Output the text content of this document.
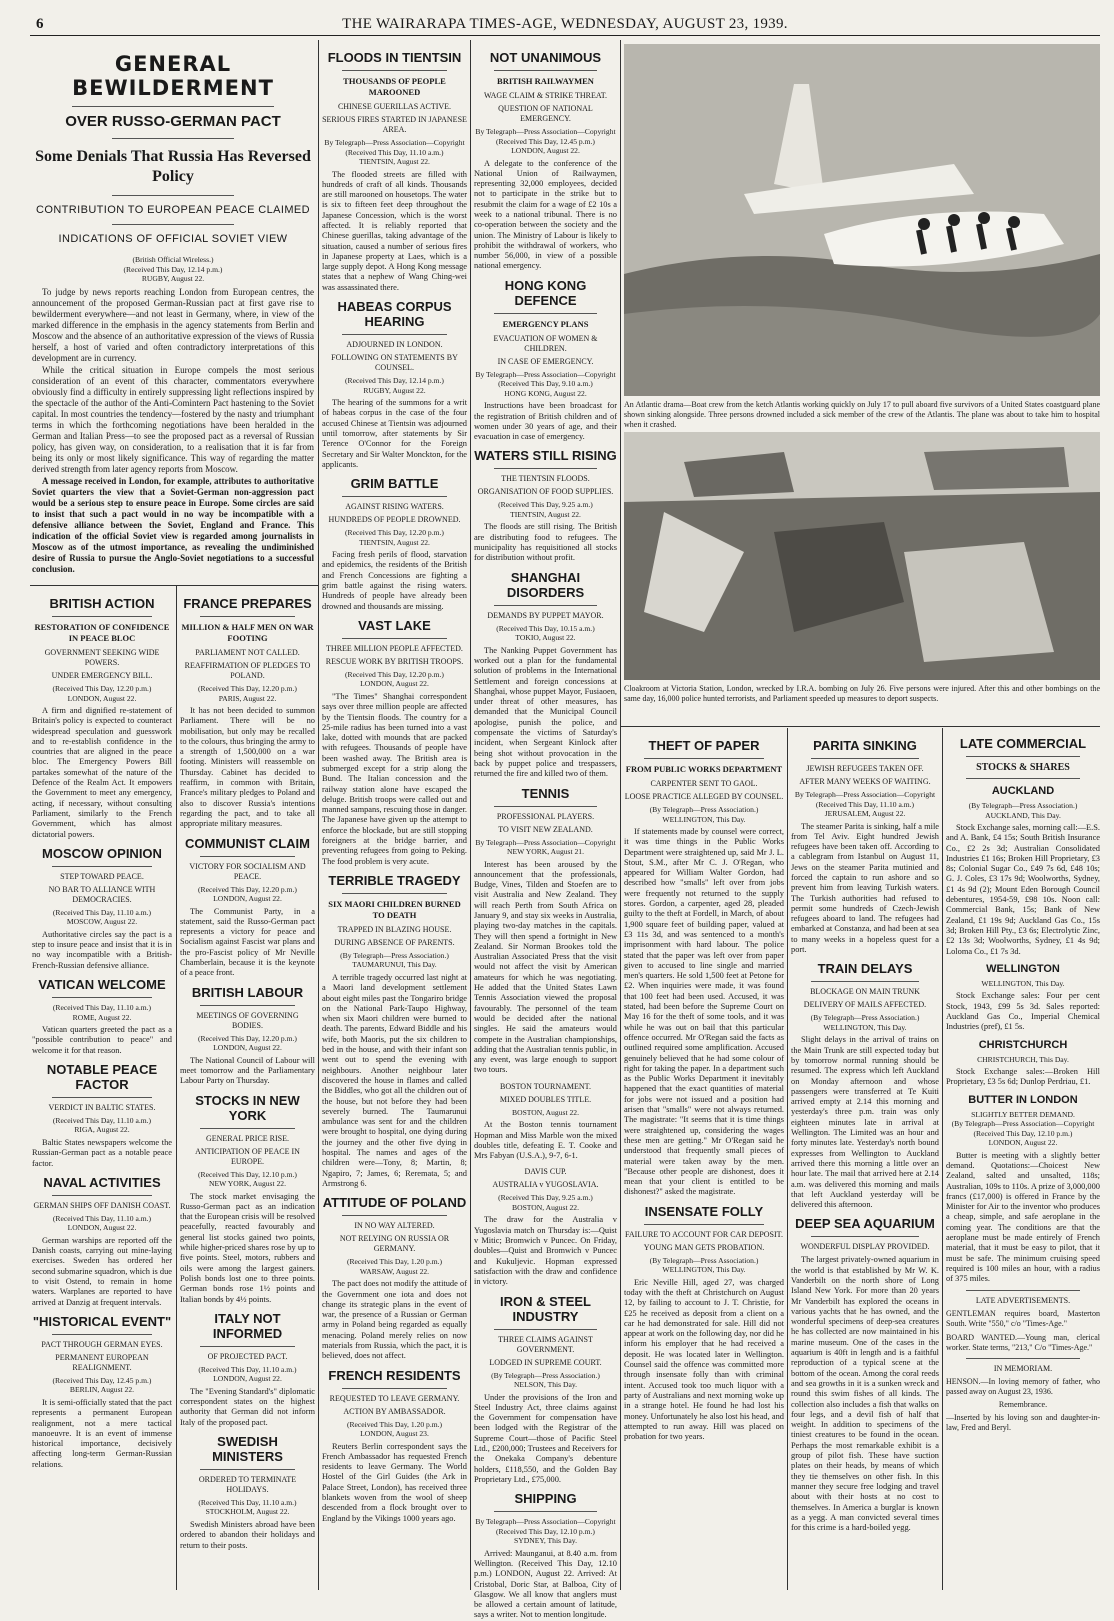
6	THE WAIRARAPA TIMES-AGE, WEDNESDAY, AUGUST 23, 1939.
GENERAL BEWILDERMENT
OVER RUSSO-GERMAN PACT
Some Denials That Russia Has Reversed Policy
CONTRIBUTION TO EUROPEAN PEACE CLAIMED
INDICATIONS OF OFFICIAL SOVIET VIEW
(British Official Wireless.)
(Received This Day, 12.14 p.m.)
RUGBY, August 22.

To judge by news reports reaching London from European centres, the announcement of the proposed German-Russian pact at first gave rise to bewilderment everywhere—and not least in Germany, where, in view of the marked difference in the emphasis in the agency statements from Berlin and Moscow and the absence of an authoritative expression of the views of Russia herself, a host of varied and often contradictory interpretations of this development are in currency.

While the critical situation in Europe compels the most serious consideration of an event of this character, commentators everywhere obviously find a difficulty in entirely suppressing light reflections inspired by the spectacle of the author of the Anti-Comintern Pact hastening to the Soviet capital. In most countries the tendency—fostered by the nasty and triumphant terms in which the forthcoming negotiations have been heralded in the German and Italian Press—to see the proposed pact as a reversal of Russian policy, has given way, on consideration, to a realisation that it is far from being its only or most likely significance. This way of regarding the matter derived strength from later agency reports from Moscow.

A message received in London, for example, attributes to authoritative Soviet quarters the view that a Soviet-German non-aggression pact would be a serious step to ensure peace in Europe. Some circles are said to insist that such a pact would in no way be incompatible with a defensive alliance between the Soviet, England and France. This indication of the official Soviet view is regarded among journalists in Moscow as of the utmost importance, as revealing the undiminished desire of Russia to pursue the Anglo-Soviet negotiations to a successful conclusion.

BRITISH ACTION
RESTORATION OF CONFIDENCE IN PEACE BLOC
GOVERNMENT SEEKING WIDE POWERS.
UNDER EMERGENCY BILL.
(Received This Day, 12.20 p.m.)
LONDON, August 22.

A firm and dignified re-statement of Britain's policy is expected to counteract widespread speculation and guesswork and to re-establish confidence in the countries that are aligned in the peace bloc. The Emergency Powers Bill partakes somewhat of the nature of the Defence of the Realm Act. It empowers the Government to meet any emergency, acting, if necessary, without consulting Parliament, similarly to the French Government, which has almost dictatorial powers.

MOSCOW OPINION
STEP TOWARD PEACE.
NO BAR TO ALLIANCE WITH DEMOCRACIES.
(Received This Day, 11.10 a.m.)
MOSCOW, August 22.

Authoritative circles say the pact is a step to insure peace and insist that it is in no way incompatible with a British-French-Russian defensive alliance.

VATICAN WELCOME
(Received This Day, 11.10 a.m.)
ROME, August 22.

Vatican quarters greeted the pact as a "possible contribution to peace" and welcome it for that reason.

NOTABLE PEACE FACTOR
VERDICT IN BALTIC STATES.
(Received This Day, 11.10 a.m.)
RIGA, August 22.

Baltic States newspapers welcome the Russian-German pact as a notable peace factor.

NAVAL ACTIVITIES
GERMAN SHIPS OFF DANISH COAST.
(Received This Day, 11.10 a.m.)
LONDON, August 22.

German warships are reported off the Danish coasts, carrying out mine-laying exercises. Sweden has ordered her second submarine squadron, which is due to visit Ostend, to remain in home waters. Warplanes are reported to have arrived at Danzig at frequent intervals.

"HISTORICAL EVENT"
PACT THROUGH GERMAN EYES.
PERMANENT EUROPEAN REALIGNMENT.
(Received This Day, 12.45 p.m.)
BERLIN, August 22.

It is semi-officially stated that the pact represents a permanent European realignment, not a mere tactical manoeuvre. It is an event of immense historical importance, decisively affecting long-term German-Russian relations.

FRANCE PREPARES
MILLION & HALF MEN ON WAR FOOTING
PARLIAMENT NOT CALLED.
REAFFIRMATION OF PLEDGES TO POLAND.
(Received This Day, 12.20 p.m.)
PARIS, August 22.

It has not been decided to summon Parliament. There will be no mobilisation, but only may be recalled to the colours, thus bringing the army to a strength of 1,500,000 on a war footing. Ministers will reassemble on Thursday. Cabinet has decided to reaffirm, in common with Britain, France's military pledges to Poland and also to discover Russia's intentions regarding the pact, and to take all appropriate military measures.

COMMUNIST CLAIM
VICTORY FOR SOCIALISM AND PEACE.
(Received This Day, 12.20 p.m.)
LONDON, August 22.

The Communist Party, in a statement, said the Russo-German pact represents a victory for peace and Socialism against Fascist war plans and the pro-Fascist policy of Mr Neville Chamberlain, because it is the keynote of a peace front.

BRITISH LABOUR
MEETINGS OF GOVERNING BODIES.
(Received This Day, 12.20 p.m.)
LONDON, August 22.

The National Council of Labour will meet tomorrow and the Parliamentary Labour Party on Thursday.

STOCKS IN NEW YORK
GENERAL PRICE RISE.
ANTICIPATION OF PEACE IN EUROPE.
(Received This Day, 12.10 p.m.)
NEW YORK, August 22.

The stock market envisaging the Russo-German pact as an indication that the European crisis will be resolved peacefully, reacted favourably and general list stocks gained two points, while higher-priced shares rose by up to five points. Steel, motors, rubbers and oils were among the largest gainers. Polish bonds lost one to three points. German bonds rose 1½ points and Italian bonds by 4½ points.

ITALY NOT INFORMED
OF PROJECTED PACT.
(Received This Day, 11.10 a.m.)
LONDON, August 22.

The "Evening Standard's" diplomatic correspondent states on the highest authority that German did not inform Italy of the proposed pact.

SWEDISH MINISTERS
ORDERED TO TERMINATE HOLIDAYS.
(Received This Day, 11.10 a.m.)
STOCKHOLM, August 22.

Swedish Ministers abroad have been ordered to abandon their holidays and return to their posts.

FLOODS IN TIENTSIN
THOUSANDS OF PEOPLE MAROONED
CHINESE GUERILLAS ACTIVE.
SERIOUS FIRES STARTED IN JAPANESE AREA.
By Telegraph—Press Association—Copyright
(Received This Day, 11.10 a.m.)
TIENTSIN, August 22.

The flooded streets are filled with hundreds of craft of all kinds. Thousands are still marooned on housetops. The water is six to fifteen feet deep throughout the Japanese Concession, which is the worst affected. It is reliably reported that Chinese guerillas, taking advantage of the situation, caused a number of serious fires in Japanese property at Laes, which is a large supply depot. A Hong Kong message states that a nephew of Wang Ching-wei was assassinated there.

HABEAS CORPUS HEARING
ADJOURNED IN LONDON.
FOLLOWING ON STATEMENTS BY COUNSEL.
(Received This Day, 12.14 p.m.)
RUGBY, August 22.

The hearing of the summons for a writ of habeas corpus in the case of the four accused Chinese at Tientsin was adjourned until tomorrow, after statements by Sir Terence O'Connor for the Foreign Secretary and Sir Walter Monckton, for the applicants.

GRIM BATTLE
AGAINST RISING WATERS.
HUNDREDS OF PEOPLE DROWNED.
(Received This Day, 12.20 p.m.)
TIENTSIN, August 22.

Facing fresh perils of flood, starvation and epidemics, the residents of the British and French Concessions are fighting a grim battle against the rising waters. Hundreds of people have already been drowned and thousands are missing.

VAST LAKE
THREE MILLION PEOPLE AFFECTED.
RESCUE WORK BY BRITISH TROOPS.
(Received This Day, 12.20 p.m.)
LONDON, August 22.

"The Times" Shanghai correspondent says over three million people are affected by the Tientsin floods. The country for a 25-mile radius has been turned into a vast lake, dotted with mounds that are packed with refugees. Thousands of people have been washed away. The British area is submerged except for a strip along the Bund. The Italian concession and the railway station alone have escaped the deluge. British troops were called out and manned sampans, rescuing those in danger. The Japanese have given up the attempt to enforce the blockade, but are still stopping foreigners at the bridge barrier, and preventing refugees from going to Peking. The food problem is very acute.

TERRIBLE TRAGEDY
SIX MAORI CHILDREN BURNED TO DEATH
TRAPPED IN BLAZING HOUSE.
DURING ABSENCE OF PARENTS.
(By Telegraph—Press Association.)
TAUMARUNUI, This Day.

A terrible tragedy occurred last night at a Maori land development settlement about eight miles past the Tongariro bridge on the National Park-Taupo Highway, when six Maori children were burned to death. The parents, Edward Biddle and his wife, both Maoris, put the six children to bed in the house, and with their infant son went out to spend the evening with neighbours. Another neighbour later discovered the house in flames and called the Biddles, who got all the children out of the house, but not before they had been severely burned. The Taumarunui ambulance was sent for and the children were brought to hospital, one dying during the journey and the other five dying in hospital. The names and ages of the children were—Tony, 8; Martin, 8; Ngapiro, 7; James, 6; Reremata, 5; and Armstrong 6.

ATTITUDE OF POLAND
IN NO WAY ALTERED.
NOT RELYING ON RUSSIA OR GERMANY.
(Received This Day, 1.20 p.m.)
WARSAW, August 22.

The pact does not modify the attitude of the Government one iota and does not change its strategic plans in the event of war, the presence of a Russian or German army in Poland being regarded as equally menacing. Poland merely relies on now materials from Russia, which the pact, it is believed, does not affect.

FRENCH RESIDENTS
REQUESTED TO LEAVE GERMANY.
ACTION BY AMBASSADOR.
(Received This Day, 1.20 p.m.)
LONDON, August 23.

Reuters Berlin correspondent says the French Ambassador has requested French residents to leave Germany. The World Hostel of the Girl Guides (the Ark in Palace Street, London), has received three blankets woven from the wool of sheep descended from a flock brought over to England by the Vikings 1000 years ago.

NOT UNANIMOUS
BRITISH RAILWAYMEN
WAGE CLAIM & STRIKE THREAT.
QUESTION OF NATIONAL EMERGENCY.
By Telegraph—Press Association—Copyright
(Received This Day, 12.45 p.m.)
LONDON, August 22.

A delegate to the conference of the National Union of Railwaymen, representing 32,000 employees, decided not to participate in the strike but to resubmit the claim for a wage of £2 10s a week to a national tribunal. There is no co-operation between the society and the union. The Ministry of Labour is likely to prohibit the withdrawal of workers, who number 56,000, in view of a possible national emergency.

HONG KONG DEFENCE
EMERGENCY PLANS
EVACUATION OF WOMEN & CHILDREN.
IN CASE OF EMERGENCY.
By Telegraph—Press Association—Copyright
(Received This Day, 9.10 a.m.)
HONG KONG, August 22.

Instructions have been broadcast for the registration of British children and of women under 30 years of age, and their evacuation in case of emergency.

WATERS STILL RISING
THE TIENTSIN FLOODS.
ORGANISATION OF FOOD SUPPLIES.
(Received This Day, 9.25 a.m.)
TIENTSIN, August 22.

The floods are still rising. The British are distributing food to refugees. The municipality has requisitioned all stocks for distribution without profit.

SHANGHAI DISORDERS
DEMANDS BY PUPPET MAYOR.
(Received This Day, 10.15 a.m.)
TOKIO, August 22.

The Nanking Puppet Government has worked out a plan for the fundamental solution of problems in the International Settlement and foreign concessions at Shanghai, whose puppet Mayor, Fusiaoen, under threat of other measures, has demanded that the Municipal Council apologise, punish the police, and compensate the victims of Saturday's incident, when Sergeant Kinlock after being shot without provocation in the back by puppet police and trespassers, returned the fire and killed two of them.

TENNIS
PROFESSIONAL PLAYERS.
TO VISIT NEW ZEALAND.
By Telegraph—Press Association—Copyright
NEW YORK, August 21.

Interest has been aroused by the announcement that the professionals, Budge, Vines, Tilden and Stoefen are to visit Australia and New Zealand. They will reach Perth from South Africa on January 9, and stay six weeks in Australia, playing two-day matches in the capitals. They will then spend a fortnight in New Zealand. Sir Norman Brookes told the Australian Associated Press that the visit would not affect the visit by American amateurs for which he was negotiating. He added that the United States Lawn Tennis Association viewed the proposal favourably. The personnel of the team would be decided after the national singles. He said the amateurs would compete in the Australian championships, adding that the Australian tennis public, in any event, was large enough to support two tours.

BOSTON TOURNAMENT.
MIXED DOUBLES TITLE.
BOSTON, August 22.

At the Boston tennis tournament Hopman and Miss Marble won the mixed doubles title, defeating E. T. Cooke and Mrs Fabyan (U.S.A.), 9-7, 6-1.

DAVIS CUP.
AUSTRALIA v YUGOSLAVIA.
(Received This Day, 9.25 a.m.)
BOSTON, August 22.

The draw for the Australia v Yugoslavia match on Thursday is:—Quist v Mitic; Bromwich v Puncec. On Friday, doubles—Quist and Bromwich v Puncec and Kukuljevic. Hopman expressed satisfaction with the draw and confidence in victory.

IRON & STEEL INDUSTRY
THREE CLAIMS AGAINST GOVERNMENT.
LODGED IN SUPREME COURT.
(By Telegraph—Press Association.)
NELSON, This Day.

Under the provisions of the Iron and Steel Industry Act, three claims against the Government for compensation have been lodged with the Registrar of the Supreme Court—those of Pacific Steel Ltd., £200,000; Trustees and Receivers for the Onekaka Company's debenture holders, £118,550, and the Golden Bay Proprietary Ltd., £75,000.

SHIPPING
By Telegraph—Press Association—Copyright
(Received This Day, 12.10 p.m.)
SYDNEY, This Day.

Arrived: Maunganui, at 8.40 a.m. from Wellington. (Received This Day, 12.10 p.m.) LONDON, August 22. Arrived: At Cristobal, Doric Star, at Balboa, City of Glasgow. We all know that anglers must be allowed a certain amount of latitude, says a writer. Not to mention longitude.

An Atlantic drama—Boat crew from the ketch Atlantis working quickly on July 17 to pull aboard five survivors of a United States coastguard plane shown sinking alongside. Three persons drowned included a sick member of the crew of the Atlantis. The plane was about to take him to hospital when it crashed.
Cloakroom at Victoria Station, London, wrecked by I.R.A. bombing on July 26. Five persons were injured. After this and other bombings on the same day, 16,000 police hunted terrorists, and Parliament speeded up measures to deport suspects.
THEFT OF PAPER
FROM PUBLIC WORKS DEPARTMENT
CARPENTER SENT TO GAOL.
LOOSE PRACTICE ALLEGED BY COUNSEL.
(By Telegraph—Press Association.)
WELLINGTON, This Day.

If statements made by counsel were correct, it was time things in the Public Works Department were straightened up, said Mr J. L. Stout, S.M., after Mr C. J. O'Regan, who appeared for William Walter Gordon, had described how "smalls" left over from jobs were frequently not returned to the supply stores. Gordon, a carpenter, aged 28, pleaded guilty to the theft at Fordell, in March, of about 1,900 square feet of building paper, valued at £3 11s 3d, and was sentenced to a month's imprisonment with hard labour. The police stated that the paper was left over from paper given to accused to line single and married men's quarters. He sold 1,500 feet at Petone for £2. When inquiries were made, it was found that 100 feet had been used. Accused, it was stated, had been before the Supreme Court on May 16 for the theft of some tools, and it was while he was out on bail that this particular offence occurred. Mr O'Regan said the facts as outlined required some amplification. Accused genuinely believed that he had some colour of right for taking the paper. In a department such as the Public Works Department it inevitably happened that the exact quantities of material for jobs were not issued and a position had arisen that "smalls" were not always returned. The magistrate: "It seems that it is time things were straightened up, considering the wages these men are getting." Mr O'Regan said he understood that frequently small pieces of material were taken away by the men. "Because other people are dishonest, does it mean that your client is entitled to be dishonest?" asked the magistrate.

INSENSATE FOLLY
FAILURE TO ACCOUNT FOR CAR DEPOSIT.
YOUNG MAN GETS PROBATION.
(By Telegraph—Press Association.)
WELLINGTON, This Day.

Eric Neville Hill, aged 27, was charged today with the theft at Christchurch on August 12, by failing to account to J. T. Christie, for £25 he received as deposit from a client on a car he had demonstrated for sale. Hill did not appear at work on the following day, nor did he inform his employer that he had received a deposit. He was located later in Wellington. Counsel said the offence was committed more through insensate folly than with criminal intent. Accused took too much liquor with a party of Australians and next morning woke up in a strange hotel. He found he had lost his money. Unfortunately he also lost his head, and attempted to run away. Hill was placed on probation for two years.

PARITA SINKING
JEWISH REFUGEES TAKEN OFF.
AFTER MANY WEEKS OF WAITING.
By Telegraph—Press Association—Copyright
(Received This Day, 11.10 a.m.)
JERUSALEM, August 22.

The steamer Parita is sinking, half a mile from Tel Aviv. Eight hundred Jewish refugees have been taken off. According to a cablegram from Istanbul on August 11, Jews on the steamer Parita mutinied and forced the captain to run ashore and so prevent him from leaving Turkish waters. The Turkish authorities had refused to permit some hundreds of Czech-Jewish refugees aboard to land. The refugees had embarked at Constanza, and had been at sea to many weeks in a hopeless quest for a port.

TRAIN DELAYS
BLOCKAGE ON MAIN TRUNK
DELIVERY OF MAILS AFFECTED.
(By Telegraph—Press Association.)
WELLINGTON, This Day.

Slight delays in the arrival of trains on the Main Trunk are still expected today but by tomorrow normal running should be resumed. The express which left Auckland on Monday afternoon and whose passengers were transferred at Te Kuiti arrived empty at 2.14 this morning and yesterday's three p.m. train was only eighteen minutes late in arrival at Wellington. The Limited was an hour and forty minutes late. Yesterday's north bound expresses from Wellington to Auckland arrived there this morning a little over an hour late. The mail that arrived here at 2.14 a.m. was delivered this morning and mails that left Auckland yesterday will be delivered this afternoon.

DEEP SEA AQUARIUM
WONDERFUL DISPLAY PROVIDED.

The largest privately-owned aquarium in the world is that established by Mr W. K. Vanderbilt on the north shore of Long Island New York. For more than 20 years Mr Vanderbilt has explored the oceans in various yachts that he has owned, and the wonderful specimens of deep-sea creatures he has collected are now maintained in his marine museum. One of the cases in the aquarium is 40ft in length and is a faithful reproduction of a typical scene at the bottom of the ocean. Among the coral reeds and sea growths in it is a sunken wreck and round this swim fishes of all kinds. The collection also includes a fish that walks on four legs, and a devil fish of half that weight. In addition to specimens of the tiniest creatures to be found in the ocean. Perhaps the most remarkable exhibit is a group of pilot fish. These have suction plates on their heads, by means of which they tie themselves on other fish. In this manner they secure free lodging and travel about with their hosts at no cost to themselves. In America a burglar is known as a yegg. A man convicted several times for this crime is a hard-boiled yegg.

LATE COMMERCIAL
STOCKS & SHARES
AUCKLAND
(By Telegraph—Press Association.)
AUCKLAND, This Day.

Stock Exchange sales, morning call:—E.S. and A. Bank, £4 15s; South British Insurance Co., £2 2s 3d; Australian Consolidated Industries £1 16s; Broken Hill Proprietary, £3 8s; Colonial Sugar Co., £49 7s 6d, £48 10s; G. J. Coles, £3 17s 9d; Woolworths, Sydney, £1 4s 9d (2); Mount Eden Borough Council debentures, 1954-59, £98 10s. Noon call: Commercial Bank, 15s; Bank of New Zealand, £1 19s 9d; Auckland Gas Co., 15s 3d; Broken Hill Pty., £3 6s; Electrolytic Zinc, £2 13s 3d; Woolworths, Sydney, £1 4s 9d; Loloma Co., £1 7s 3d.

WELLINGTON
WELLINGTON, This Day.

Stock Exchange sales: Four per cent Stock, 1943, £99 5s 3d. Sales reported: Auckland Gas Co., Imperial Chemical Industries (pref), £1 5s.

CHRISTCHURCH
CHRISTCHURCH, This Day.

Stock Exchange sales:—Broken Hill Proprietary, £3 5s 6d; Dunlop Perdriau, £1.

BUTTER IN LONDON
SLIGHTLY BETTER DEMAND.
(By Telegraph—Press Association—Copyright
(Received This Day, 12.10 p.m.)
LONDON, August 22.

Butter is meeting with a slightly better demand. Quotations:—Choicest New Zealand, salted and unsalted, 118s; Australian, 109s to 110s. A prize of 3,000,000 francs (£17,000) is offered in France by the Minister for Air to the inventor who produces a cheap, simple, and safe aeroplane in the coming year. The conditions are that the aeroplane must be made entirely of French material, that it must be easy to pilot, that it must be safe. The minimum cruising speed required is 100 miles an hour, with a radius of 375 miles.

LATE ADVERTISEMENTS.
GENTLEMAN requires board, Masterton South. Write "550," c/o "Times-Age."
BOARD WANTED.—Young man, clerical worker. State terms, "213," C/o "Times-Age."
IN MEMORIAM.
HENSON.—In loving memory of father, who passed away on August 23, 1936.
Remembrance.
—Inserted by his loving son and daughter-in-law, Fred and Beryl.
